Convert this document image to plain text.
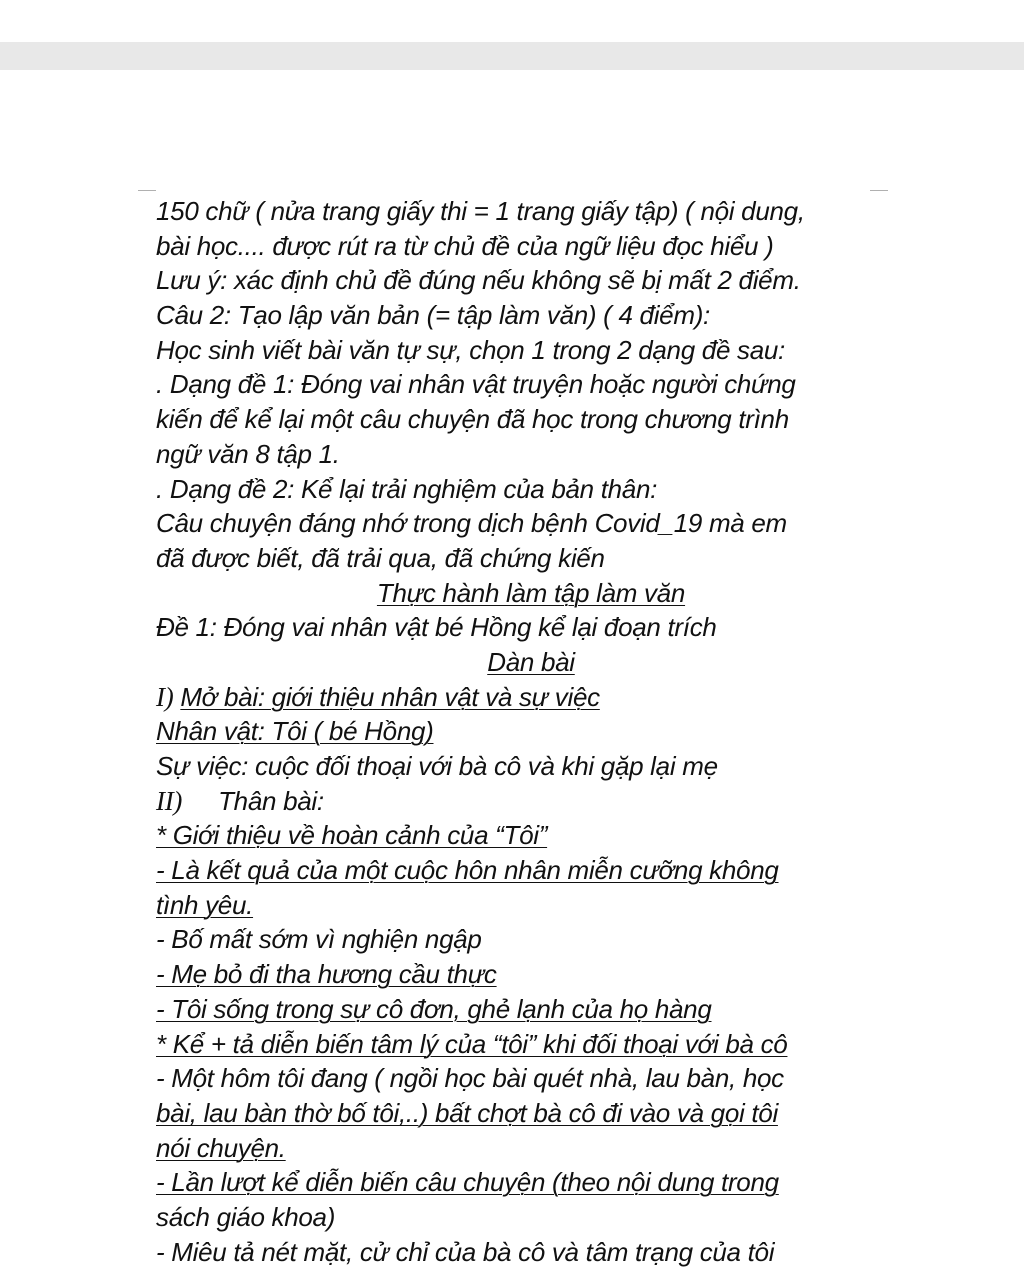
150 chữ ( nửa trang giấy thi = 1 trang giấy tập) ( nội dung,
bài học.... được rút ra từ chủ đề của ngữ liệu đọc hiểu )
Lưu ý: xác định chủ đề đúng nếu không sẽ bị mất 2 điểm.
Câu 2: Tạo lập văn bản (= tập làm văn) ( 4 điểm):
Học sinh viết bài văn tự sự, chọn 1 trong 2 dạng đề sau:
. Dạng đề 1: Đóng vai nhân vật truyện hoặc người chứng
kiến để kể lại một câu chuyện đã học trong chương trình
ngữ văn 8 tập 1.
. Dạng đề 2: Kể lại trải nghiệm của bản thân:
Câu chuyện đáng nhớ trong dịch bệnh Covid_19 mà em
đã được biết, đã trải qua, đã chứng kiến
Thực hành làm tập làm văn
Đề 1: Đóng vai nhân vật bé Hồng kể lại đoạn trích
Dàn bài
I) Mở bài: giới thiệu nhân vật và sự việc
Nhân vật: Tôi ( bé Hồng)
Sự việc: cuộc đối thoại với bà cô và khi gặp lại mẹ
II) Thân bài:
* Giới thiệu về hoàn cảnh của “Tôi”
- Là kết quả của một cuộc hôn nhân miễn cưỡng không
tình yêu.
- Bố mất sớm vì nghiện ngập
- Mẹ bỏ đi tha hương cầu thực
- Tôi sống trong sự cô đơn, ghẻ lạnh của họ hàng
* Kể + tả diễn biến tâm lý của “tôi” khi đối thoại với bà cô
- Một hôm tôi đang ( ngồi học bài quét nhà, lau bàn, học
bài, lau bàn thờ bố tôi,..) bất chợt bà cô đi vào và gọi tôi
nói chuyện.
- Lần lượt kể diễn biến câu chuyện (theo nội dung trong
sách giáo khoa)
- Miêu tả nét mặt, cử chỉ của bà cô và tâm trạng của tôi
